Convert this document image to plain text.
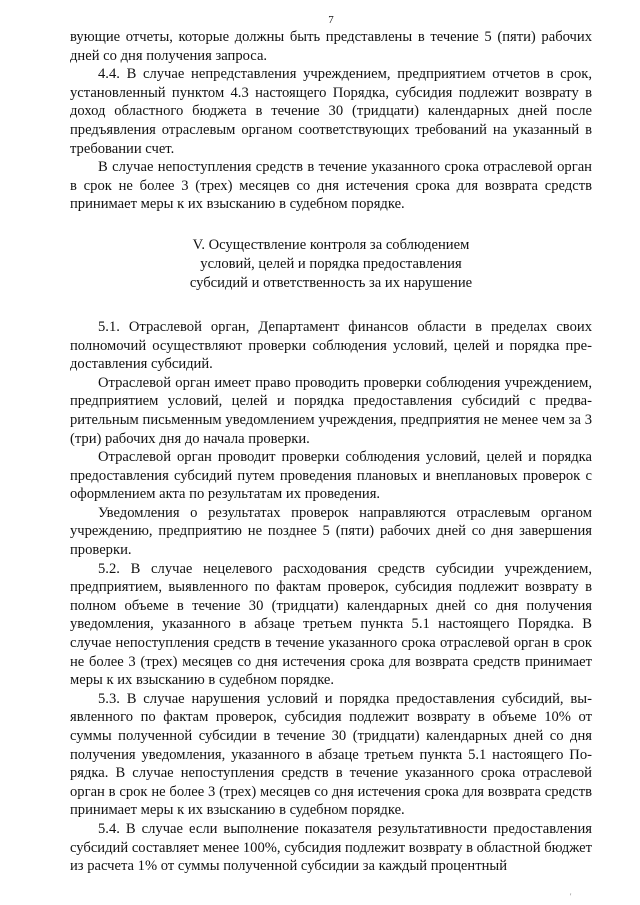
7

вующие отчеты, которые должны быть представлены в течение 5 (пяти) рабочих дней со дня получения запроса.

4.4. В случае непредставления учреждением, предприятием отчетов в срок, установленный пунктом 4.3 настоящего Порядка, субсидия подлежит возврату в доход областного бюджета в течение 30 (тридцати) календарных дней после предъявления отраслевым органом соответствующих требований на указанный в требовании счет.

В случае непоступления средств в течение указанного срока отраслевой орган в срок не более 3 (трех) месяцев со дня истечения срока для возврата средств принимает меры к их взысканию в судебном порядке.

V. Осуществление контроля за соблюдением
условий, целей и порядка предоставления
субсидий и ответственность за их нарушение

5.1. Отраслевой орган, Департамент финансов области в пределах своих полномочий осуществляют проверки соблюдения условий, целей и порядка предоставления субсидий.

Отраслевой орган имеет право проводить проверки соблюдения учреждением, предприятием условий, целей и порядка предоставления субсидий с предварительным письменным уведомлением учреждения, предприятия не менее чем за 3 (три) рабочих дня до начала проверки.

Отраслевой орган проводит проверки соблюдения условий, целей и порядка предоставления субсидий путем проведения плановых и внеплановых проверок с оформлением акта по результатам их проведения.

Уведомления о результатах проверок направляются отраслевым органом учреждению, предприятию не позднее 5 (пяти) рабочих дней со дня завершения проверки.

5.2. В случае нецелевого расходования средств субсидии учреждением, предприятием, выявленного по фактам проверок, субсидия подлежит возврату в полном объеме в течение 30 (тридцати) календарных дней со дня получения уведомления, указанного в абзаце третьем пункта 5.1 настоящего Порядка. В случае непоступления средств в течение указанного срока отраслевой орган в срок не более 3 (трех) месяцев со дня истечения срока для возврата средств принимает меры к их взысканию в судебном порядке.

5.3. В случае нарушения условий и порядка предоставления субсидий, выявленного по фактам проверок, субсидия подлежит возврату в объеме 10% от суммы полученной субсидии в течение 30 (тридцати) календарных дней со дня получения уведомления, указанного в абзаце третьем пункта 5.1 настоящего Порядка. В случае непоступления средств в течение указанного срока отраслевой орган в срок не более 3 (трех) месяцев со дня истечения срока для возврата средств принимает меры к их взысканию в судебном порядке.

5.4. В случае если выполнение показателя результативности предоставления субсидий составляет менее 100%, субсидия подлежит возврату в областной бюджет из расчета 1% от суммы полученной субсидии за каждый процентный

'
